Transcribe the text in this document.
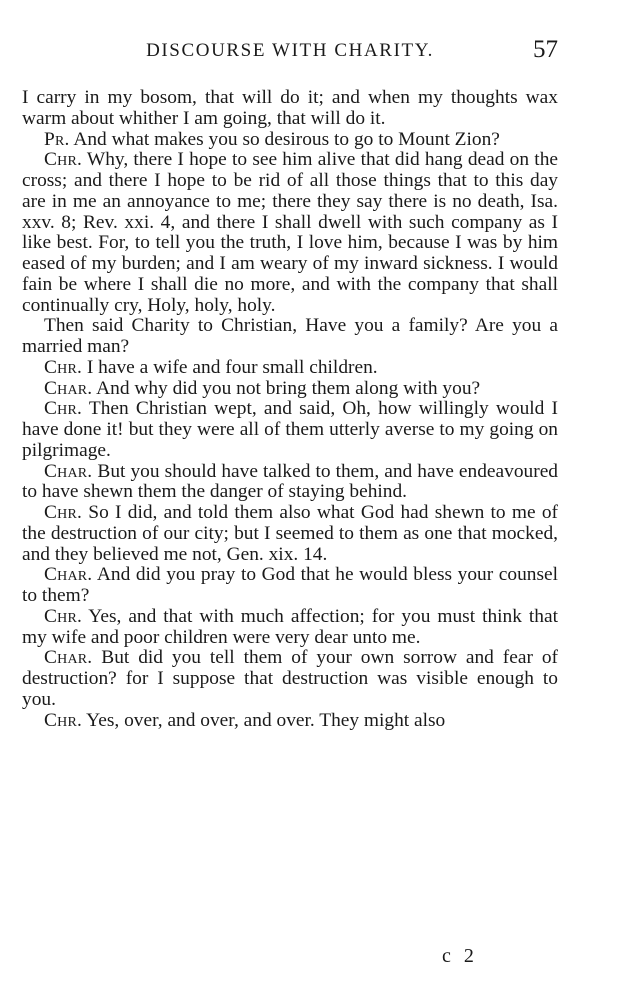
DISCOURSE WITH CHARITY.	57

I carry in my bosom, that will do it; and when my thoughts wax warm about whither I am going, that will do it.

Pr. And what makes you so desirous to go to Mount Zion?

Chr. Why, there I hope to see him alive that did hang dead on the cross; and there I hope to be rid of all those things that to this day are in me an annoyance to me; there they say there is no death, Isa. xxv. 8; Rev. xxi. 4, and there I shall dwell with such company as I like best. For, to tell you the truth, I love him, because I was by him eased of my burden; and I am weary of my inward sickness. I would fain be where I shall die no more, and with the company that shall continually cry, Holy, holy, holy.

Then said Charity to Christian, Have you a family? Are you a married man?

Chr. I have a wife and four small children.

Char. And why did you not bring them along with you?

Chr. Then Christian wept, and said, Oh, how willingly would I have done it! but they were all of them utterly averse to my going on pilgrimage.

Char. But you should have talked to them, and have endeavoured to have shewn them the danger of staying behind.

Chr. So I did, and told them also what God had shewn to me of the destruction of our city; but I seemed to them as one that mocked, and they believed me not, Gen. xix. 14.

Char. And did you pray to God that he would bless your counsel to them?

Chr. Yes, and that with much affection; for you must think that my wife and poor children were very dear unto me.

Char. But did you tell them of your own sorrow and fear of destruction? for I suppose that destruction was visible enough to you.

Chr. Yes, over, and over, and over. They might also

c 2
